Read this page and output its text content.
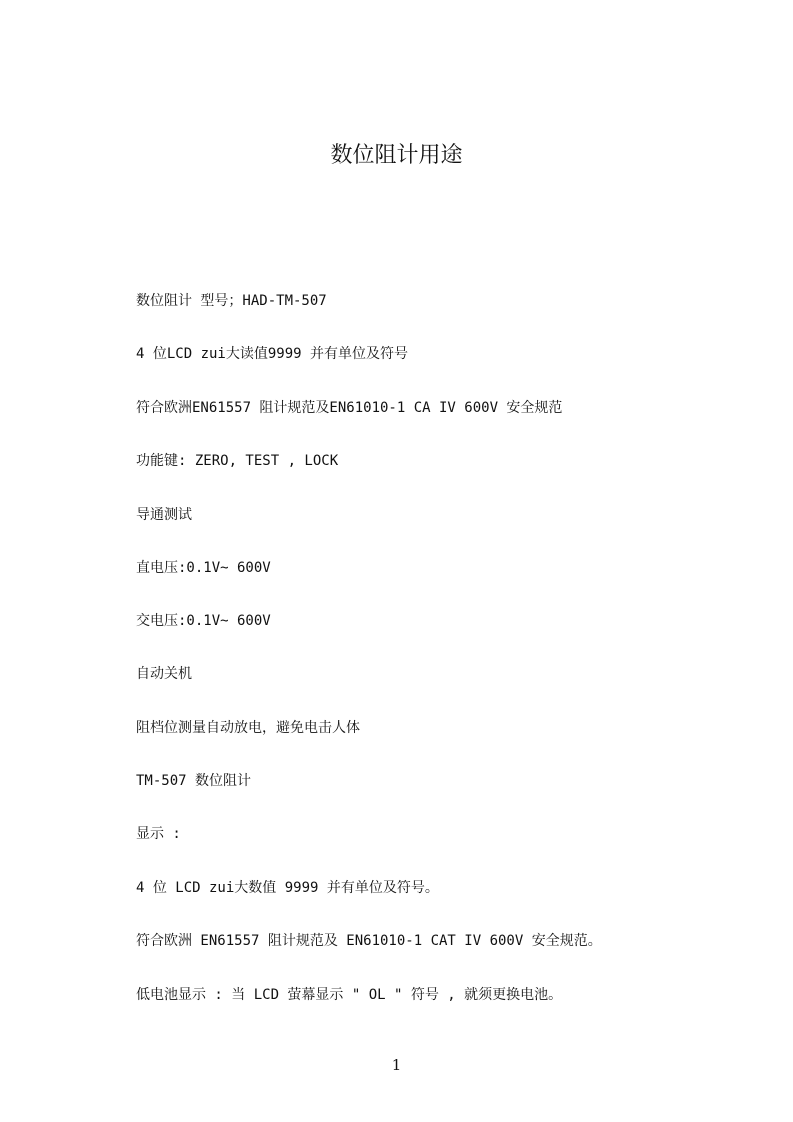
数位阻计用途
数位阻计 型号；HAD-TM-507
4 位LCD zui大读值9999 并有单位及符号
符合欧洲EN61557 阻计规范及EN61010-1 CA IV 600V 安全规范
功能键: ZERO, TEST , LOCK
导通测试
直电压:0.1V~ 600V
交电压:0.1V~ 600V
自动关机
阻档位测量自动放电，避免电击人体
TM-507 数位阻计
显示 :
4 位 LCD zui大数值 9999 并有单位及符号。
符合欧洲 EN61557 阻计规范及 EN61010-1 CAT IV 600V 安全规范。
低电池显示 : 当 LCD 萤幕显示 " OL " 符号 , 就须更换电池。
1
